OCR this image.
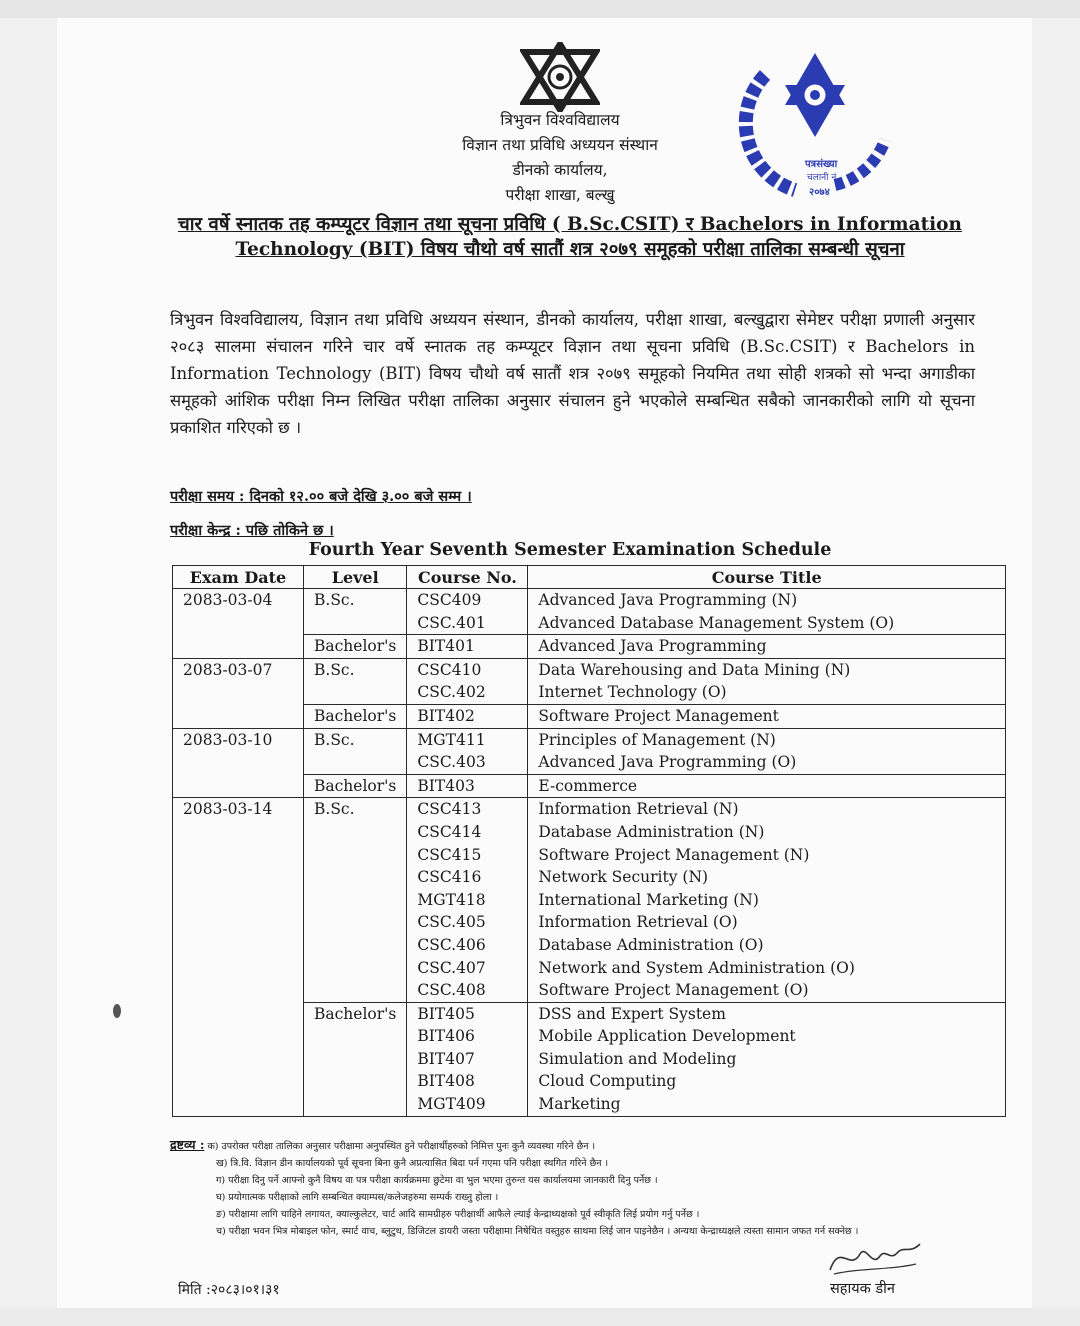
त्रिभुवन विश्वविद्यालय
विज्ञान तथा प्रविधि अध्ययन संस्थान
डीनको कार्यालय,
परीक्षा शाखा, बल्खु
पत्रसंख्या
चलानी नं.
२०७४
चार वर्षे स्नातक तह कम्प्यूटर विज्ञान तथा सूचना प्रविधि ( B.Sc.CSIT) र Bachelors in Information Technology (BIT) विषय चौथो वर्ष सातौं शत्र २०७९ समूहको परीक्षा तालिका सम्बन्धी सूचना
त्रिभुवन विश्वविद्यालय, विज्ञान तथा प्रविधि अध्ययन संस्थान, डीनको कार्यालय, परीक्षा शाखा, बल्खुद्वारा सेमेष्टर परीक्षा प्रणाली अनुसार २०८३ सालमा संचालन गरिने चार वर्षे स्नातक तह कम्प्यूटर विज्ञान तथा सूचना प्रविधि (B.Sc.CSIT) र Bachelors in Information Technology (BIT) विषय चौथो वर्ष सातौं शत्र २०७९ समूहको नियमित तथा सोही शत्रको सो भन्दा अगाडीका समूहको आंशिक परीक्षा निम्न लिखित परीक्षा तालिका अनुसार संचालन हुने भएकोले सम्बन्धित सबैको जानकारीको लागि यो सूचना प्रकाशित गरिएको छ ।
परीक्षा समय : दिनको १२.०० बजे देखि ३.०० बजे सम्म ।
परीक्षा केन्द्र : पछि तोकिने छ ।
Fourth Year Seventh Semester Examination Schedule
Exam Date	Level	Course No.	Course Title
2083-03-04	B.Sc.	CSC409	Advanced Java Programming (N)
		CSC.401	Advanced Database Management System (O)
	Bachelor's	BIT401	Advanced Java Programming
2083-03-07	B.Sc.	CSC410	Data Warehousing and Data Mining (N)
		CSC.402	Internet Technology (O)
	Bachelor's	BIT402	Software Project Management
2083-03-10	B.Sc.	MGT411	Principles of Management (N)
		CSC.403	Advanced Java Programming (O)
	Bachelor's	BIT403	E-commerce
2083-03-14	B.Sc.	CSC413	Information Retrieval (N)
		CSC414	Database Administration (N)
		CSC415	Software Project Management (N)
		CSC416	Network Security (N)
		MGT418	International Marketing (N)
		CSC.405	Information Retrieval (O)
		CSC.406	Database Administration (O)
		CSC.407	Network and System Administration (O)
		CSC.408	Software Project Management (O)
	Bachelor's	BIT405	DSS and Expert System
		BIT406	Mobile Application Development
		BIT407	Simulation and Modeling
		BIT408	Cloud Computing
		MGT409	Marketing
द्रष्टव्य : क) उपरोक्त परीक्षा तालिका अनुसार परीक्षामा अनुपस्थित हुने परीक्षार्थीहरुको निमित्त पुनः कुनै व्यवस्था गरिने छैन ।
ख) त्रि.वि. विज्ञान डीन कार्यालयको पूर्व सूचना बिना कुनै अप्रत्यासित बिदा पर्न गएमा पनि परीक्षा स्थगित गरिने छैन ।
ग) परीक्षा दिनु पर्ने आफ्नो कुनै विषय वा पत्र परीक्षा कार्यक्रममा छुटेमा वा भुल भएमा तुरुन्त यस कार्यालयमा जानकारी दिनु पर्नेछ ।
घ) प्रयोगात्मक परीक्षाको लागि सम्बन्धित क्याम्पस/कलेजहरुमा सम्पर्क राख्नु होला ।
ङ) परीक्षामा लागि चाहिने लगायत, क्याल्कुलेटर, चार्ट आदि सामग्रीहरु परीक्षार्थी आफैले ल्याई केन्द्राध्यक्षको पूर्व स्वीकृति लिई प्रयोग गर्नु पर्नेछ ।
च) परीक्षा भवन भित्र मोबाइल फोन, स्मार्ट वाच, ब्लुटुथ, डिजिटल डायरी जस्ता परीक्षामा निषेधित वस्तुहरु साथमा लिई जान पाइनेछैन । अन्यथा केन्द्राध्यक्षले त्यस्ता सामान जफत गर्न सक्नेछ ।
मिति :२०८३।०१।३१	सहायक डीन
